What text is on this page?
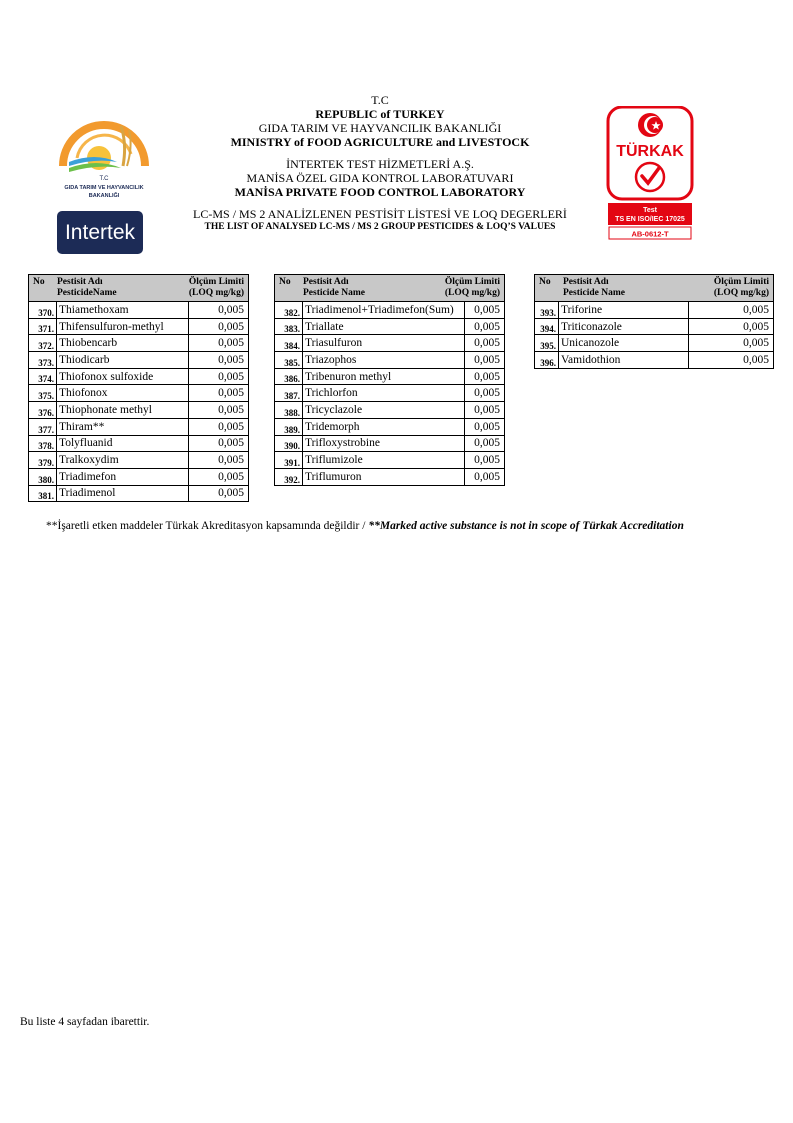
T.C
GIDA TARIM VE HAYVANCILIK
BAKANLIĞI
Intertek
TÜRKAK
Test
TS EN ISO/IEC 17025
AB-0612-T
T.C
REPUBLIC of TURKEY
GIDA TARIM VE HAYVANCILIK BAKANLIĞI
MINISTRY of FOOD AGRICULTURE and LIVESTOCK
İNTERTEK TEST HİZMETLERİ A.Ş.
MANİSA ÖZEL GIDA KONTROL LABORATUVARI
MANİSA PRIVATE FOOD CONTROL LABORATORY
LC-MS / MS 2 ANALİZLENEN PESTİSİT LİSTESİ VE LOQ DEGERLERİ
THE LIST OF ANALYSED LC-MS / MS 2 GROUP PESTICIDES & LOQ’S VALUES
No Pestisit Adı
PesticideName
Ölçüm Limiti
(LOQ mg/kg)		

370.	Thiamethoxam	0,005
371.	Thifensulfuron-methyl	0,005
372.	Thiobencarb	0,005
373.	Thiodicarb	0,005
374.	Thiofonox sulfoxide	0,005
375.	Thiofonox	0,005
376.	Thiophonate methyl	0,005
377.	Thiram**	0,005
378.	Tolyfluanid	0,005
379.	Tralkoxydim	0,005
380.	Triadimefon	0,005
381.	Triadimenol	0,005
No Pestisit Adı
Pesticide Name
Ölçüm Limiti
(LOQ mg/kg)		

382.	Triadimenol+Triadimefon(Sum)	0,005
383.	Triallate	0,005
384.	Triasulfuron	0,005
385.	Triazophos	0,005
386.	Tribenuron methyl	0,005
387.	Trichlorfon	0,005
388.	Tricyclazole	0,005
389.	Tridemorph	0,005
390.	Trifloxystrobine	0,005
391.	Triflumizole	0,005
392.	Triflumuron	0,005
No Pestisit Adı
Pesticide Name
Ölçüm Limiti
(LOQ mg/kg)		

393.	Triforine	0,005
394.	Triticonazole	0,005
395.	Unicanozole	0,005
396.	Vamidothion	0,005
**İşaretli etken maddeler Türkak Akreditasyon kapsamında değildir / **Marked active substance is not in scope of Türkak Accreditation
Bu liste 4 sayfadan ibarettir.
